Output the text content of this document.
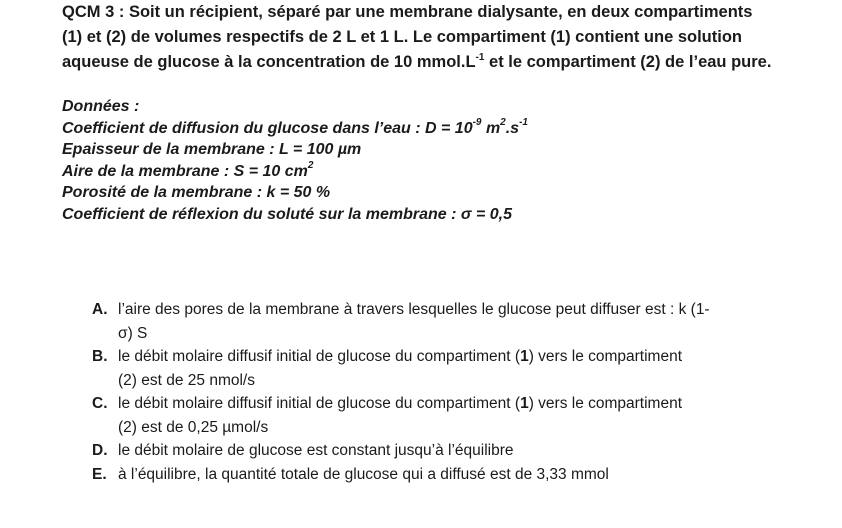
QCM 3 : Soit un récipient, séparé par une membrane dialysante, en deux compartiments
(1) et (2) de volumes respectifs de 2 L et 1 L. Le compartiment (1) contient une solution
aqueuse de glucose à la concentration de 10 $mmol.L^{-1}$ et le compartiment (2) de l’eau pure.
Données :
Coefficient de diffusion du glucose dans l’eau : $D = 10^{-9}$ $m^2.s^{-1}$
Epaisseur de la membrane : L = 100 µm
Aire de la membrane : S = 10 $cm^2$
Porosité de la membrane : k = 50 %
Coefficient de réflexion du soluté sur la membrane : σ = 0,5
A. l’aire des pores de la membrane à travers lesquelles le glucose peut diffuser est : k (1-
σ) S
B. le débit molaire diffusif initial de glucose du compartiment (1) vers le compartiment
(2) est de 25 nmol/s
C. le débit molaire diffusif initial de glucose du compartiment (1) vers le compartiment
(2) est de 0,25 µmol/s
D. le débit molaire de glucose est constant jusqu’à l’équilibre
E. à l’équilibre, la quantité totale de glucose qui a diffusé est de 3,33 mmol
